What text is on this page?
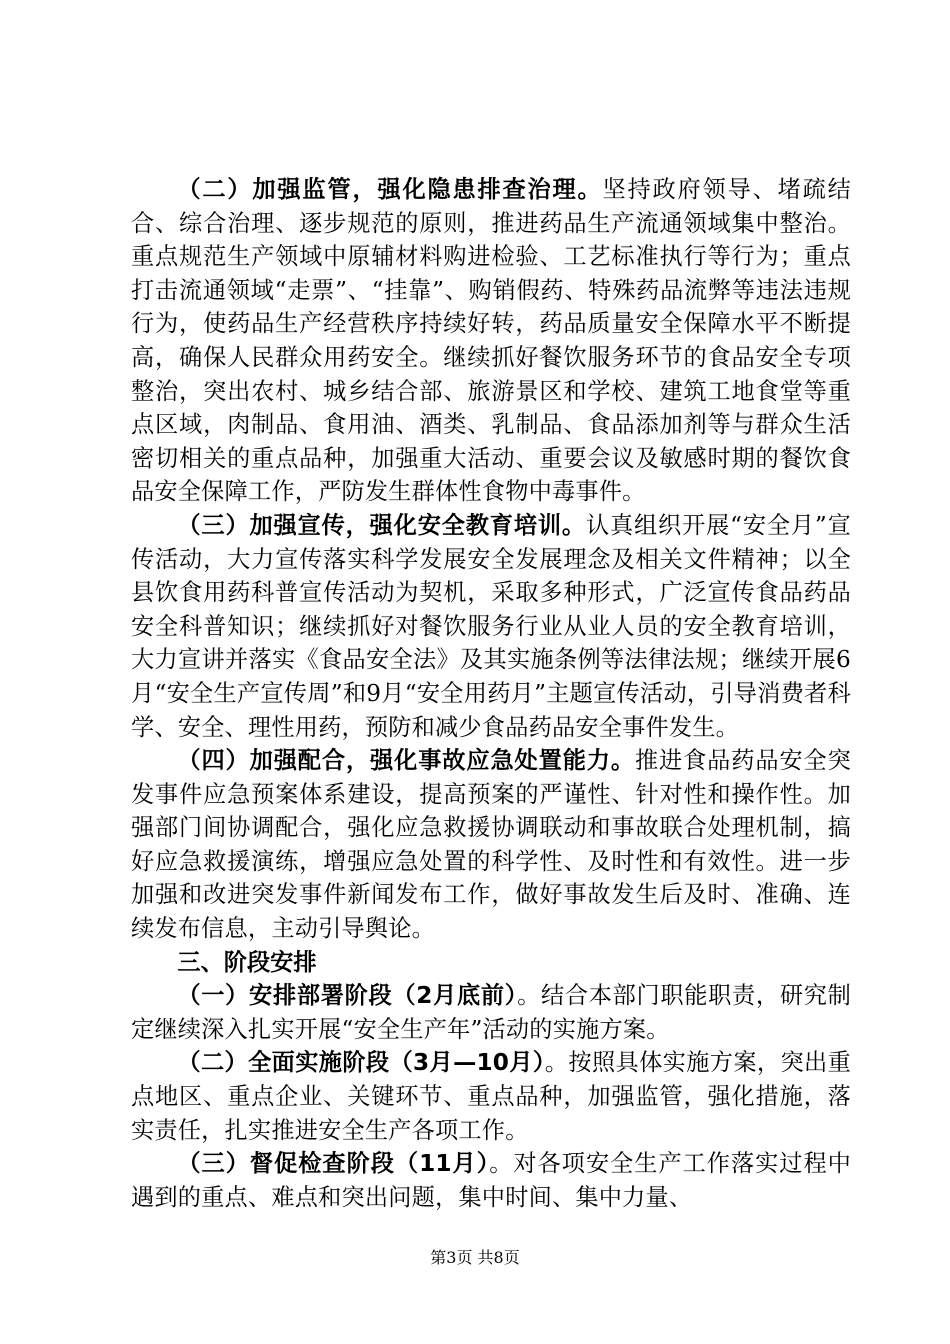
（二）加强监管，强化隐患排查治理。坚持政府领导、堵疏结合、综合治理、逐步规范的原则，推进药品生产流通领域集中整治。重点规范生产领域中原辅材料购进检验、工艺标准执行等行为；重点打击流通领域“走票”、“挂靠”、购销假药、特殊药品流弊等违法违规行为，使药品生产经营秩序持续好转，药品质量安全保障水平不断提高，确保人民群众用药安全。继续抓好餐饮服务环节的食品安全专项整治，突出农村、城乡结合部、旅游景区和学校、建筑工地食堂等重点区域，肉制品、食用油、酒类、乳制品、食品添加剂等与群众生活密切相关的重点品种，加强重大活动、重要会议及敏感时期的餐饮食品安全保障工作，严防发生群体性食物中毒事件。

（三）加强宣传，强化安全教育培训。认真组织开展“安全月”宣传活动，大力宣传落实科学发展安全发展理念及相关文件精神；以全县饮食用药科普宣传活动为契机，采取多种形式，广泛宣传食品药品安全科普知识；继续抓好对餐饮服务行业从业人员的安全教育培训，大力宣讲并落实《食品安全法》及其实施条例等法律法规；继续开展6月“安全生产宣传周”和9月“安全用药月”主题宣传活动，引导消费者科学、安全、理性用药，预防和减少食品药品安全事件发生。

（四）加强配合，强化事故应急处置能力。推进食品药品安全突发事件应急预案体系建设，提高预案的严谨性、针对性和操作性。加强部门间协调配合，强化应急救援协调联动和事故联合处理机制，搞好应急救援演练，增强应急处置的科学性、及时性和有效性。进一步加强和改进突发事件新闻发布工作，做好事故发生后及时、准确、连续发布信息，主动引导舆论。

三、阶段安排

（一）安排部署阶段（2月底前）。结合本部门职能职责，研究制定继续深入扎实开展“安全生产年”活动的实施方案。

（二）全面实施阶段（3月—10月）。按照具体实施方案，突出重点地区、重点企业、关键环节、重点品种，加强监管，强化措施，落实责任，扎实推进安全生产各项工作。

（三）督促检查阶段（11月）。对各项安全生产工作落实过程中遇到的重点、难点和突出问题，集中时间、集中力量、

第3页 共8页
